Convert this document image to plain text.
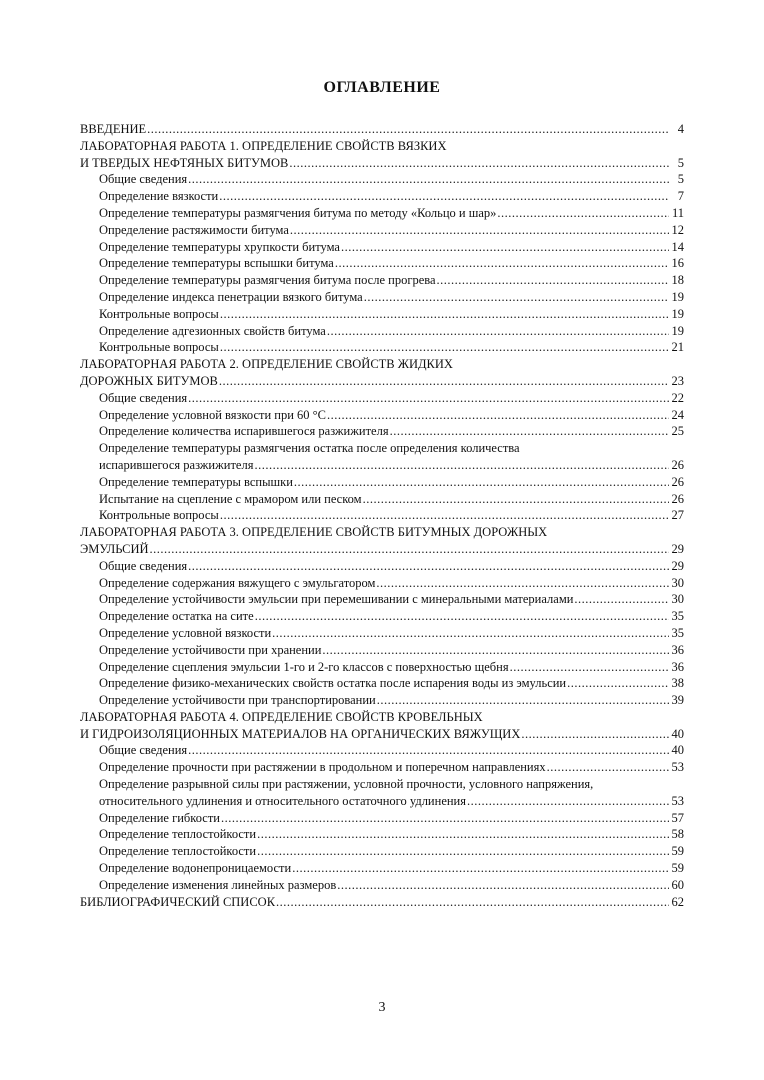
ОГЛАВЛЕНИЕ
ВВЕДЕНИЕ .....	4
ЛАБОРАТОРНАЯ РАБОТА 1. ОПРЕДЕЛЕНИЕ СВОЙСТВ ВЯЗКИХ
И ТВЕРДЫХ НЕФТЯНЫХ БИТУМОВ .....	5
Общие сведения .....	5
Определение вязкости .....	7
Определение температуры размягчения битума по методу «Кольцо и шар» .....	11
Определение растяжимости битума .....	12
Определение температуры хрупкости битума .....	14
Определение температуры вспышки битума .....	16
Определение температуры размягчения битума после прогрева .....	18
Определение индекса пенетрации вязкого битума .....	19
Контрольные вопросы .....	19
Определение адгезионных свойств битума .....	19
Контрольные вопросы .....	21
ЛАБОРАТОРНАЯ РАБОТА 2. ОПРЕДЕЛЕНИЕ СВОЙСТВ ЖИДКИХ
ДОРОЖНЫХ БИТУМОВ .....	23
Общие сведения .....	22
Определение условной вязкости при 60 °С .....	24
Определение количества испарившегося разжижителя .....	25
Определение температуры размягчения остатка после определения количества
испарившегося разжижителя .....	26
Определение температуры вспышки .....	26
Испытание на сцепление с мрамором или песком .....	26
Контрольные вопросы .....	27
ЛАБОРАТОРНАЯ РАБОТА 3. ОПРЕДЕЛЕНИЕ СВОЙСТВ БИТУМНЫХ ДОРОЖНЫХ
ЭМУЛЬСИЙ .....	29
Общие сведения .....	29
Определение содержания вяжущего с эмульгатором .....	30
Определение устойчивости эмульсии при перемешивании с минеральными материалами .....	30
Определение остатка на сите .....	35
Определение условной вязкости .....	35
Определение устойчивости при хранении .....	36
Определение сцепления эмульсии 1-го и 2-го классов с поверхностью щебня .....	36
Определение физико-механических свойств остатка после испарения воды из эмульсии .....	38
Определение устойчивости при транспортировании .....	39
ЛАБОРАТОРНАЯ РАБОТА 4. ОПРЕДЕЛЕНИЕ СВОЙСТВ КРОВЕЛЬНЫХ
И ГИДРОИЗОЛЯЦИОННЫХ МАТЕРИАЛОВ НА ОРГАНИЧЕСКИХ ВЯЖУЩИХ .....	40
Общие сведения .....	40
Определение прочности при растяжении в продольном и поперечном направлениях .....	53
Определение разрывной силы при растяжении, условной прочности, условного напряжения,
относительного удлинения и относительного остаточного удлинения .....	53
Определение гибкости .....	57
Определение теплостойкости .....	58
Определение теплостойкости .....	59
Определение водонепроницаемости .....	59
Определение изменения линейных размеров .....	60
БИБЛИОГРАФИЧЕСКИЙ СПИСОК .....	62
3
